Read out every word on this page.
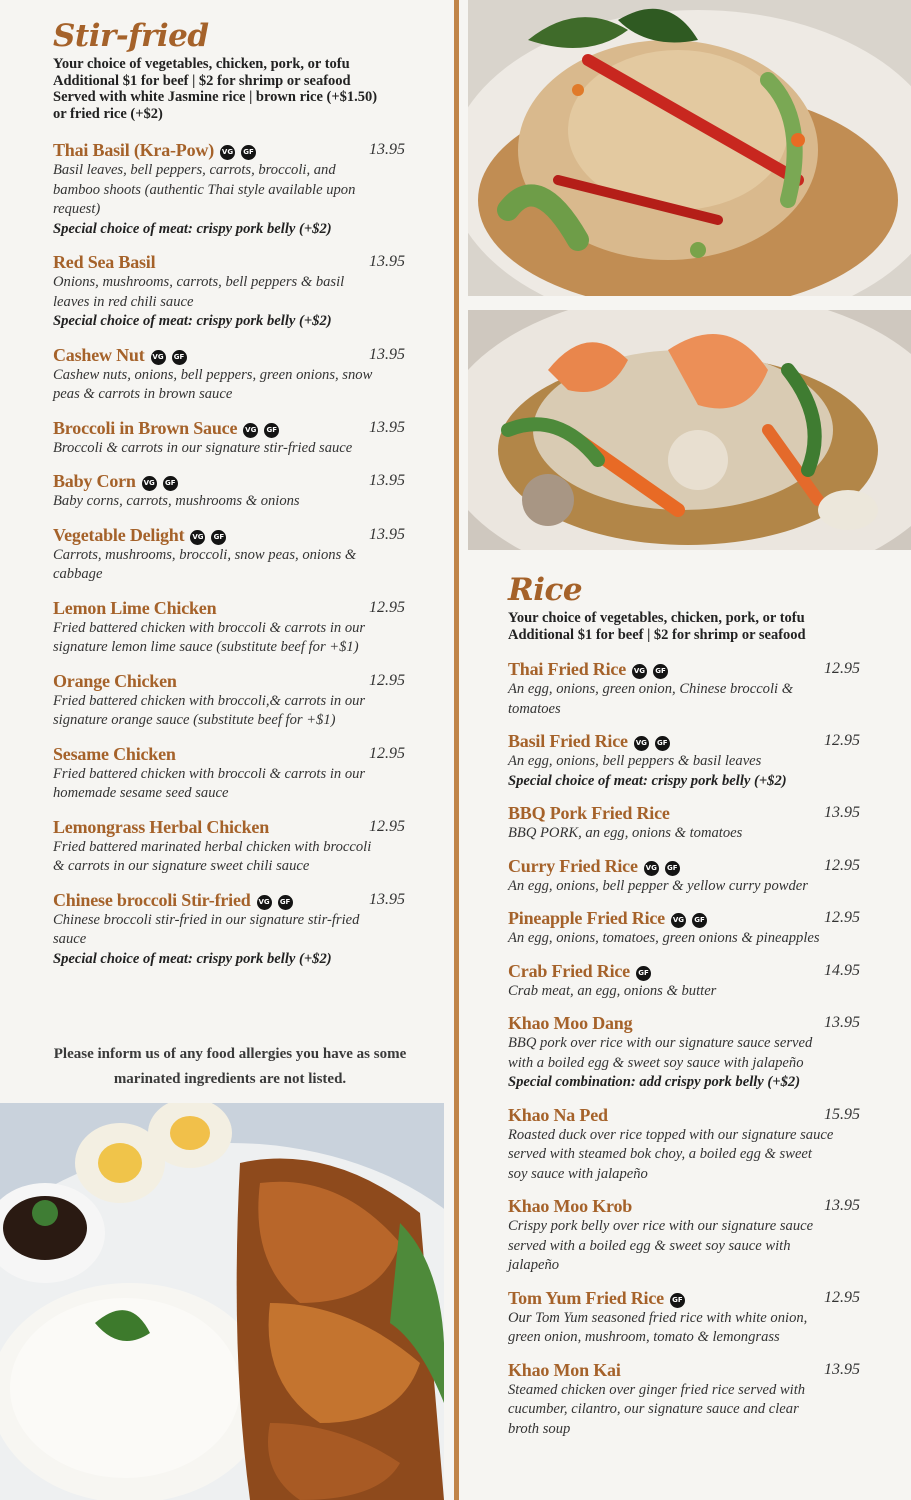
Stir-fried
Your choice of vegetables, chicken, pork, or tofu
Additional $1 for beef | $2 for shrimp or seafood
Served with white Jasmine rice | brown rice (+$1.50)
or fried rice (+$2)
Thai Basil (Kra-Pow) VG GF	13.95
Basil leaves, bell peppers, carrots, broccoli, and
bamboo shoots (authentic Thai style available upon
request)
Special choice of meat: crispy pork belly (+$2)
Red Sea Basil	13.95
Onions, mushrooms, carrots, bell peppers & basil
leaves in red chili sauce
Special choice of meat: crispy pork belly (+$2)
Cashew Nut VG GF	13.95
Cashew nuts, onions, bell peppers, green onions, snow
peas & carrots in brown sauce
Broccoli in Brown Sauce VG GF	13.95
Broccoli & carrots in our signature stir-fried sauce
Baby Corn VG GF	13.95
Baby corns, carrots, mushrooms & onions
Vegetable Delight VG GF	13.95
Carrots, mushrooms, broccoli, snow peas, onions &
cabbage
Lemon Lime Chicken	12.95
Fried battered chicken with broccoli & carrots in our
signature lemon lime sauce (substitute beef for +$1)
Orange Chicken	12.95
Fried battered chicken with broccoli,& carrots in our
signature orange sauce (substitute beef for +$1)
Sesame Chicken	12.95
Fried battered chicken with broccoli & carrots in our
homemade sesame seed sauce
Lemongrass Herbal Chicken	12.95
Fried battered marinated herbal chicken with broccoli
& carrots in our signature sweet chili sauce
Chinese broccoli Stir-fried VG GF	13.95
Chinese broccoli stir-fried in our signature stir-fried
sauce
Special choice of meat: crispy pork belly (+$2)
Please inform us of any food allergies you have as some
marinated ingredients are not listed.
Rice
Your choice of vegetables, chicken, pork, or tofu
Additional $1 for beef | $2 for shrimp or seafood
Thai Fried Rice VG GF	12.95
An egg, onions, green onion, Chinese broccoli &
tomatoes
Basil Fried Rice VG GF	12.95
An egg, onions, bell peppers & basil leaves
Special choice of meat: crispy pork belly (+$2)
BBQ Pork Fried Rice	13.95
BBQ PORK, an egg, onions & tomatoes
Curry Fried Rice VG GF	12.95
An egg, onions, bell pepper & yellow curry powder
Pineapple Fried Rice VG GF	12.95
An egg, onions, tomatoes, green onions & pineapples
Crab Fried Rice GF	14.95
Crab meat, an egg, onions & butter
Khao Moo Dang	13.95
BBQ pork over rice with our signature sauce served
with a boiled egg & sweet soy sauce with jalapeño
Special combination: add crispy pork belly (+$2)
Khao Na Ped	15.95
Roasted duck over rice topped with our signature sauce
served with steamed bok choy, a boiled egg & sweet
soy sauce with jalapeño
Khao Moo Krob	13.95
Crispy pork belly over rice with our signature sauce
served with a boiled egg & sweet soy sauce with
jalapeño
Tom Yum Fried Rice GF	12.95
Our Tom Yum seasoned fried rice with white onion,
green onion, mushroom, tomato & lemongrass
Khao Mon Kai	13.95
Steamed chicken over ginger fried rice served with
cucumber, cilantro, our signature sauce and clear
broth soup
